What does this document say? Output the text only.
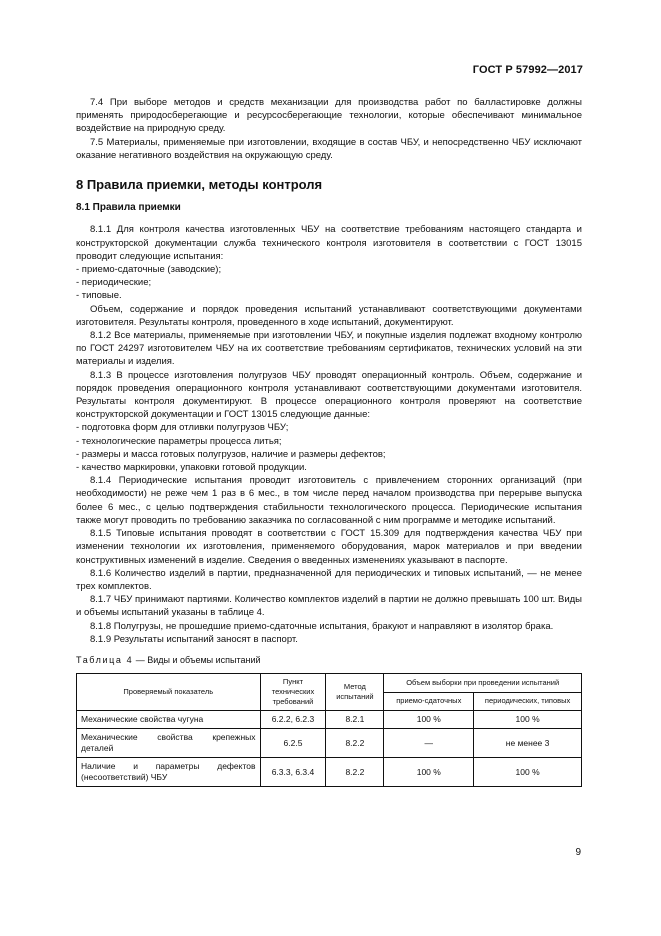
ГОСТ Р 57992—2017

7.4 При выборе методов и средств механизации для производства работ по балластировке должны применять природосберегающие и ресурсосберегающие технологии, которые обеспечивают минимальное воздействие на природную среду.

7.5 Материалы, применяемые при изготовлении, входящие в состав ЧБУ, и непосредственно ЧБУ исключают оказание негативного воздействия на окружающую среду.

8 Правила приемки, методы контроля
8.1 Правила приемки

8.1.1 Для контроля качества изготовленных ЧБУ на соответствие требованиям настоящего стандарта и конструкторской документации служба технического контроля изготовителя в соответствии с ГОСТ 13015 проводит следующие испытания:

- приемо-сдаточные (заводские);
- периодические;
- типовые.

Объем, содержание и порядок проведения испытаний устанавливают соответствующими документами изготовителя. Результаты контроля, проведенного в ходе испытаний, документируют.

8.1.2 Все материалы, применяемые при изготовлении ЧБУ, и покупные изделия подлежат входному контролю по ГОСТ 24297 изготовителем ЧБУ на их соответствие требованиям сертификатов, технических условий на эти материалы и изделия.

8.1.3 В процессе изготовления полугрузов ЧБУ проводят операционный контроль. Объем, содержание и порядок проведения операционного контроля устанавливают соответствующими документами изготовителя. Результаты контроля документируют. В процессе операционного контроля проверяют на соответствие конструкторской документации и ГОСТ 13015 следующие данные:

- подготовка форм для отливки полугрузов ЧБУ;
- технологические параметры процесса литья;
- размеры и масса готовых полугрузов, наличие и размеры дефектов;
- качество маркировки, упаковки готовой продукции.

8.1.4 Периодические испытания проводит изготовитель с привлечением сторонних организаций (при необходимости) не реже чем 1 раз в 6 мес., в том числе перед началом производства при перерыве выпуска более 6 мес., с целью подтверждения стабильности технологического процесса. Периодические испытания также могут проводить по требованию заказчика по согласованной с ним программе и методике испытаний.

8.1.5 Типовые испытания проводят в соответствии с ГОСТ 15.309 для подтверждения качества ЧБУ при изменении технологии их изготовления, применяемого оборудования, марок материалов и при введении конструктивных изменений в изделие. Сведения о введенных изменениях указывают в паспорте.

8.1.6 Количество изделий в партии, предназначенной для периодических и типовых испытаний, — не менее трех комплектов.

8.1.7 ЧБУ принимают партиями. Количество комплектов изделий в партии не должно превышать 100 шт. Виды и объемы испытаний указаны в таблице 4.

8.1.8 Полугрузы, не прошедшие приемо-сдаточные испытания, бракуют и направляют в изолятор брака.

8.1.9 Результаты испытаний заносят в паспорт.

Таблица 4 — Виды и объемы испытаний
Проверяемый показатель	Пункт технических требований	Метод испытаний	Объем выборки при проведении испытаний	
			приемо-сдаточных	периодических, типовых
Механические свойства чугуна	6.2.2, 6.2.3	8.2.1	100 %	100 %
Механические свойства крепежных деталей	6.2.5	8.2.2	—	не менее 3
Наличие и параметры дефектов (несоответствий) ЧБУ	6.3.3, 6.3.4	8.2.2	100 %	100 %
9
